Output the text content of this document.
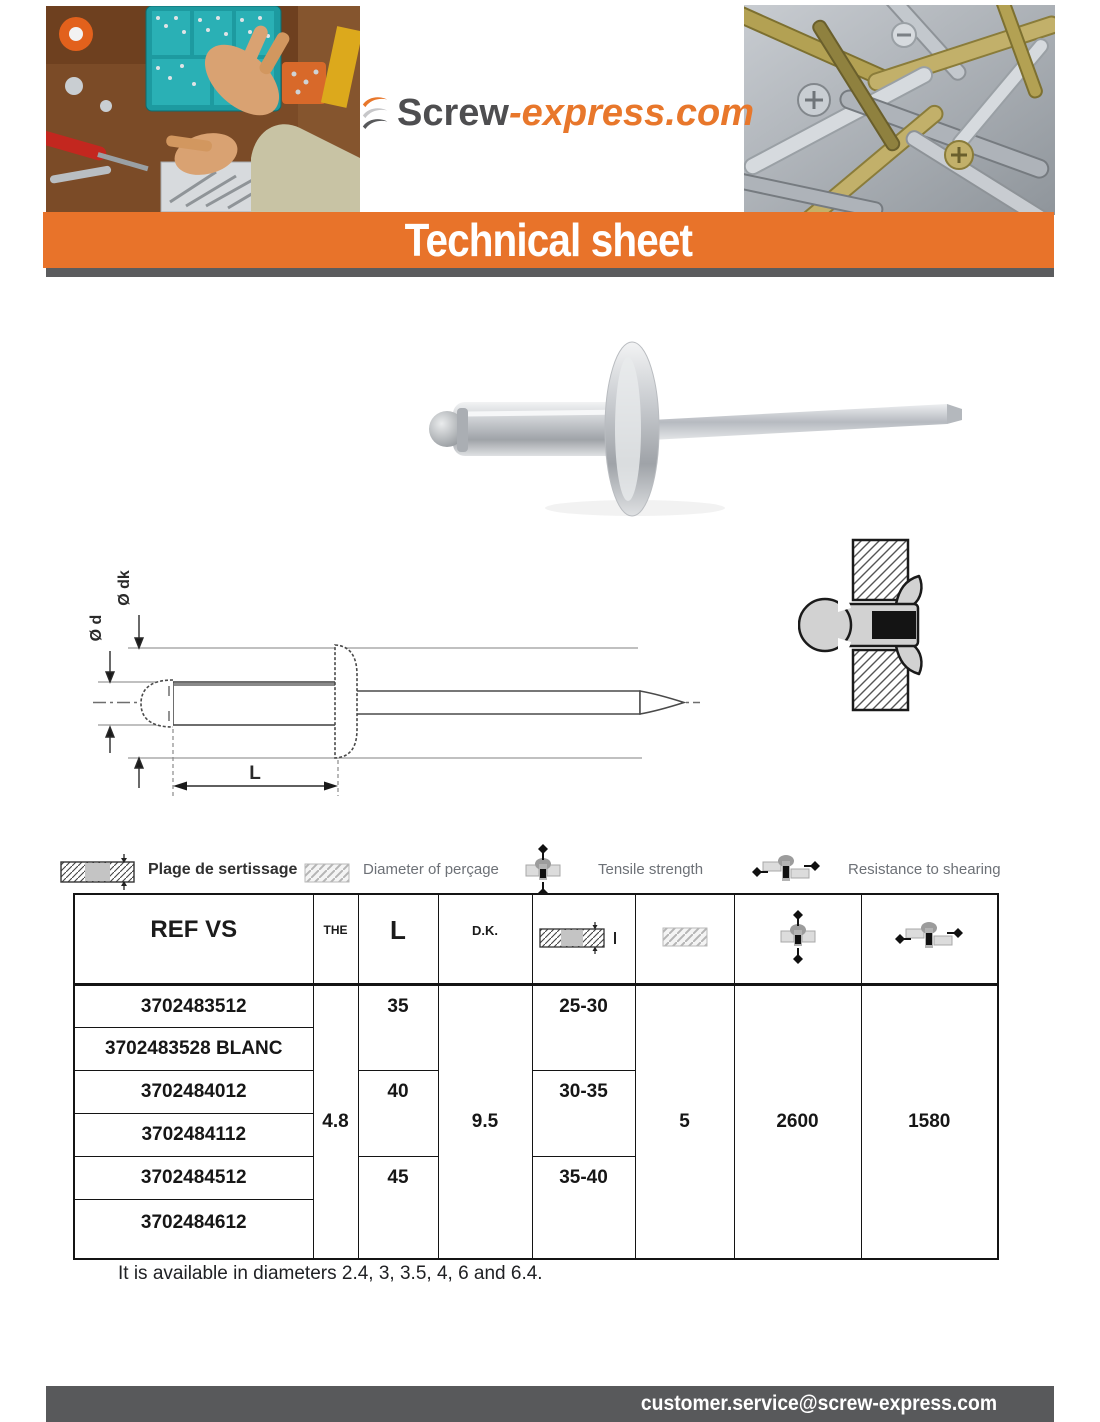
Screw-express.com
Technical sheet
Ø d
Ø dk
L
Plage de sertissage	Diameter of perçage	Tensile strength	Resistance to shearing
REF VS	THE	L	D.K.				
3702483512	4.8	35	9.5	25-30	5	2600	1580
3702483528 BLANC							
3702484012		40		30-35			
3702484112							
3702484512		45		35-40			
3702484612							
It is available in diameters 2.4, 3, 3.5, 4, 6 and 6.4.
customer.service@screw-express.com
